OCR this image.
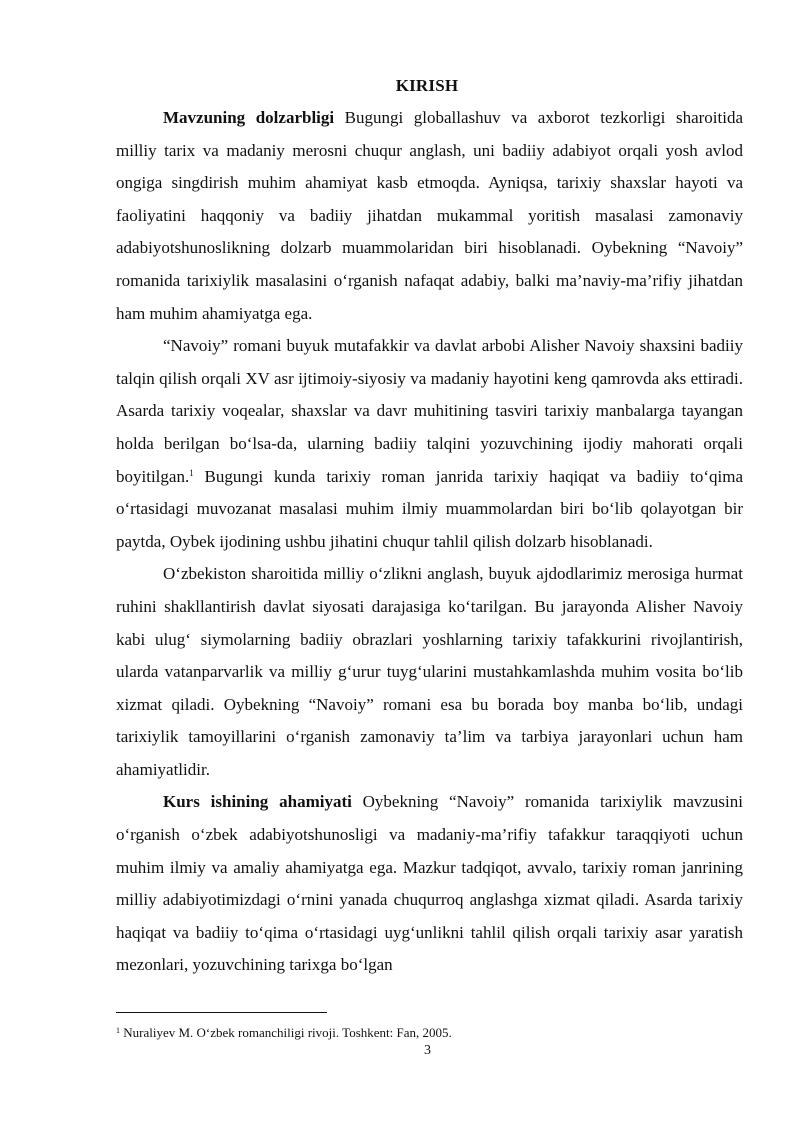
KIRISH

Mavzuning dolzarbligi Bugungi globallashuv va axborot tezkorligi sharoitida milliy tarix va madaniy merosni chuqur anglash, uni badiiy adabiyot orqali yosh avlod ongiga singdirish muhim ahamiyat kasb etmoqda. Ayniqsa, tarixiy shaxslar hayoti va faoliyatini haqqoniy va badiiy jihatdan mukammal yoritish masalasi zamonaviy adabiyotshunoslikning dolzarb muammolaridan biri hisoblanadi. Oybekning “Navoiy” romanida tarixiylik masalasini o‘rganish nafaqat adabiy, balki ma’naviy-ma’rifiy jihatdan ham muhim ahamiyatga ega.

“Navoiy” romani buyuk mutafakkir va davlat arbobi Alisher Navoiy shaxsini badiiy talqin qilish orqali XV asr ijtimoiy-siyosiy va madaniy hayotini keng qamrovda aks ettiradi. Asarda tarixiy voqealar, shaxslar va davr muhitining tasviri tarixiy manbalarga tayangan holda berilgan bo‘lsa-da, ularning badiiy talqini yozuvchining ijodiy mahorati orqali boyitilgan.$^1$ Bugungi kunda tarixiy roman janrida tarixiy haqiqat va badiiy to‘qima o‘rtasidagi muvozanat masalasi muhim ilmiy muammolardan biri bo‘lib qolayotgan bir paytda, Oybek ijodining ushbu jihatini chuqur tahlil qilish dolzarb hisoblanadi.

O‘zbekiston sharoitida milliy o‘zlikni anglash, buyuk ajdodlarimiz merosiga hurmat ruhini shakllantirish davlat siyosati darajasiga ko‘tarilgan. Bu jarayonda Alisher Navoiy kabi ulug‘ siymolarning badiiy obrazlari yoshlarning tarixiy tafakkurini rivojlantirish, ularda vatanparvarlik va milliy g‘urur tuyg‘ularini mustahkamlashda muhim vosita bo‘lib xizmat qiladi. Oybekning “Navoiy” romani esa bu borada boy manba bo‘lib, undagi tarixiylik tamoyillarini o‘rganish zamonaviy ta’lim va tarbiya jarayonlari uchun ham ahamiyatlidir.

Kurs ishining ahamiyati Oybekning “Navoiy” romanida tarixiylik mavzusini o‘rganish o‘zbek adabiyotshunosligi va madaniy-ma’rifiy tafakkur taraqqiyoti uchun muhim ilmiy va amaliy ahamiyatga ega. Mazkur tadqiqot, avvalo, tarixiy roman janrining milliy adabiyotimizdagi o‘rnini yanada chuqurroq anglashga xizmat qiladi. Asarda tarixiy haqiqat va badiiy to‘qima o‘rtasidagi uyg‘unlikni tahlil qilish orqali tarixiy asar yaratish mezonlari, yozuvchining tarixga bo‘lgan

$^1$ Nuraliyev M. O‘zbek romanchiligi rivoji. Toshkent: Fan, 2005.
3
